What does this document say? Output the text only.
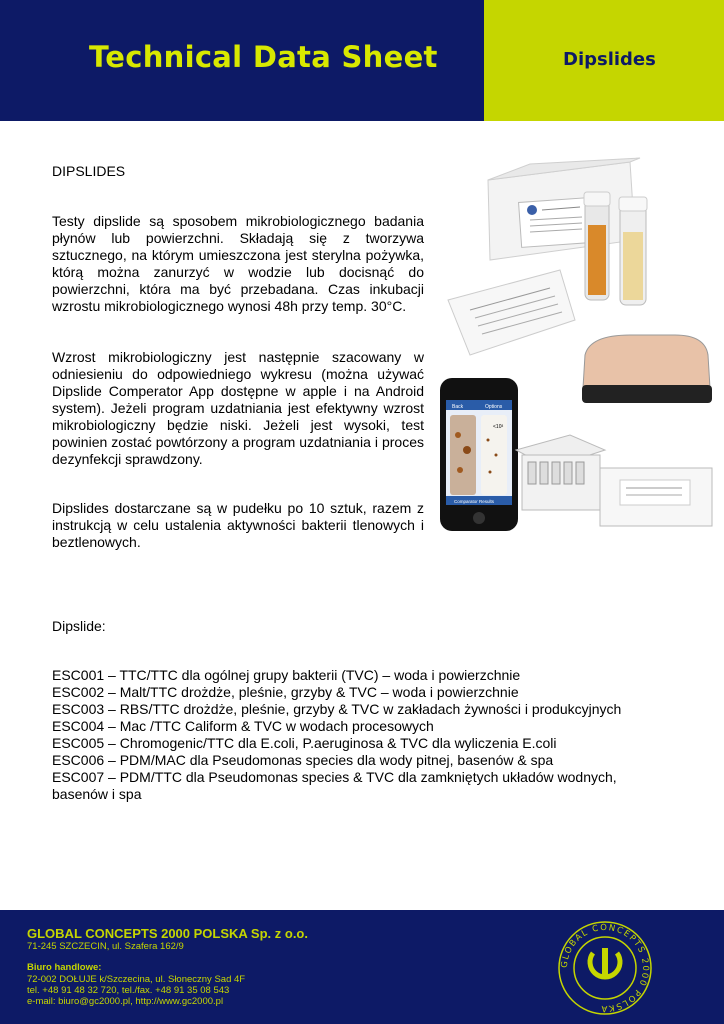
Technical Data Sheet	Dipslides
DIPSLIDES

Testy dipslide są sposobem mikrobiologicznego badania płynów lub powierzchni. Składają się z tworzywa sztucznego, na którym umieszczona jest sterylna pożywka, którą można zanurzyć w wodzie lub docisnąć do powierzchni, która ma być przebadana. Czas inkubacji wzrostu mikrobiologicznego wynosi 48h przy temp. 30°C.

Wzrost mikrobiologiczny jest następnie szacowany w odniesieniu do odpowiedniego wykresu (można używać Dipslide Comperator App dostępne w apple i na Android system). Jeżeli program uzdatniania jest efektywny wzrost mikrobiologiczny będzie niski. Jeżeli jest wysoki, test powinien zostać powtórzony a program uzdatniania i proces dezynfekcji sprawdzony.

Dipslides dostarczane są w pudełku po 10 sztuk, razem z instrukcją w celu ustalenia aktywności bakterii tlenowych i beztlenowych.

Dipslide:
ESC001 – TTC/TTC dla ogólnej grupy bakterii (TVC) – woda i powierzchnie
ESC002 – Malt/TTC drożdże, pleśnie, grzyby & TVC – woda i powierzchnie
ESC003 – RBS/TTC drożdże, pleśnie, grzyby & TVC w zakładach żywności i produkcyjnych
ESC004 – Mac /TTC Caliform & TVC w wodach procesowych
ESC005 – Chromogenic/TTC dla E.coli, P.aeruginosa & TVC dla wyliczenia E.coli
ESC006 – PDM/MAC dla Pseudomonas species dla wody pitnej, basenów & spa
ESC007 – PDM/TTC dla Pseudomonas species & TVC dla zamkniętych układów wodnych, basenów i spa
Back	Options
<10³
Comparator Results
GLOBAL CONCEPTS 2000 POLSKA Sp. z o.o.
71-245 SZCZECIN, ul. Szafera 162/9
Biuro handlowe:
72-002 DOŁUJE k/Szczecina, ul. Słoneczny Sad 4F
tel. +48 91 48 32 720, tel./fax. +48 91 35 08 543
e-mail: biuro@gc2000.pl, http://www.gc2000.pl
GLOBAL CONCEPTS 2000 POLSKA
